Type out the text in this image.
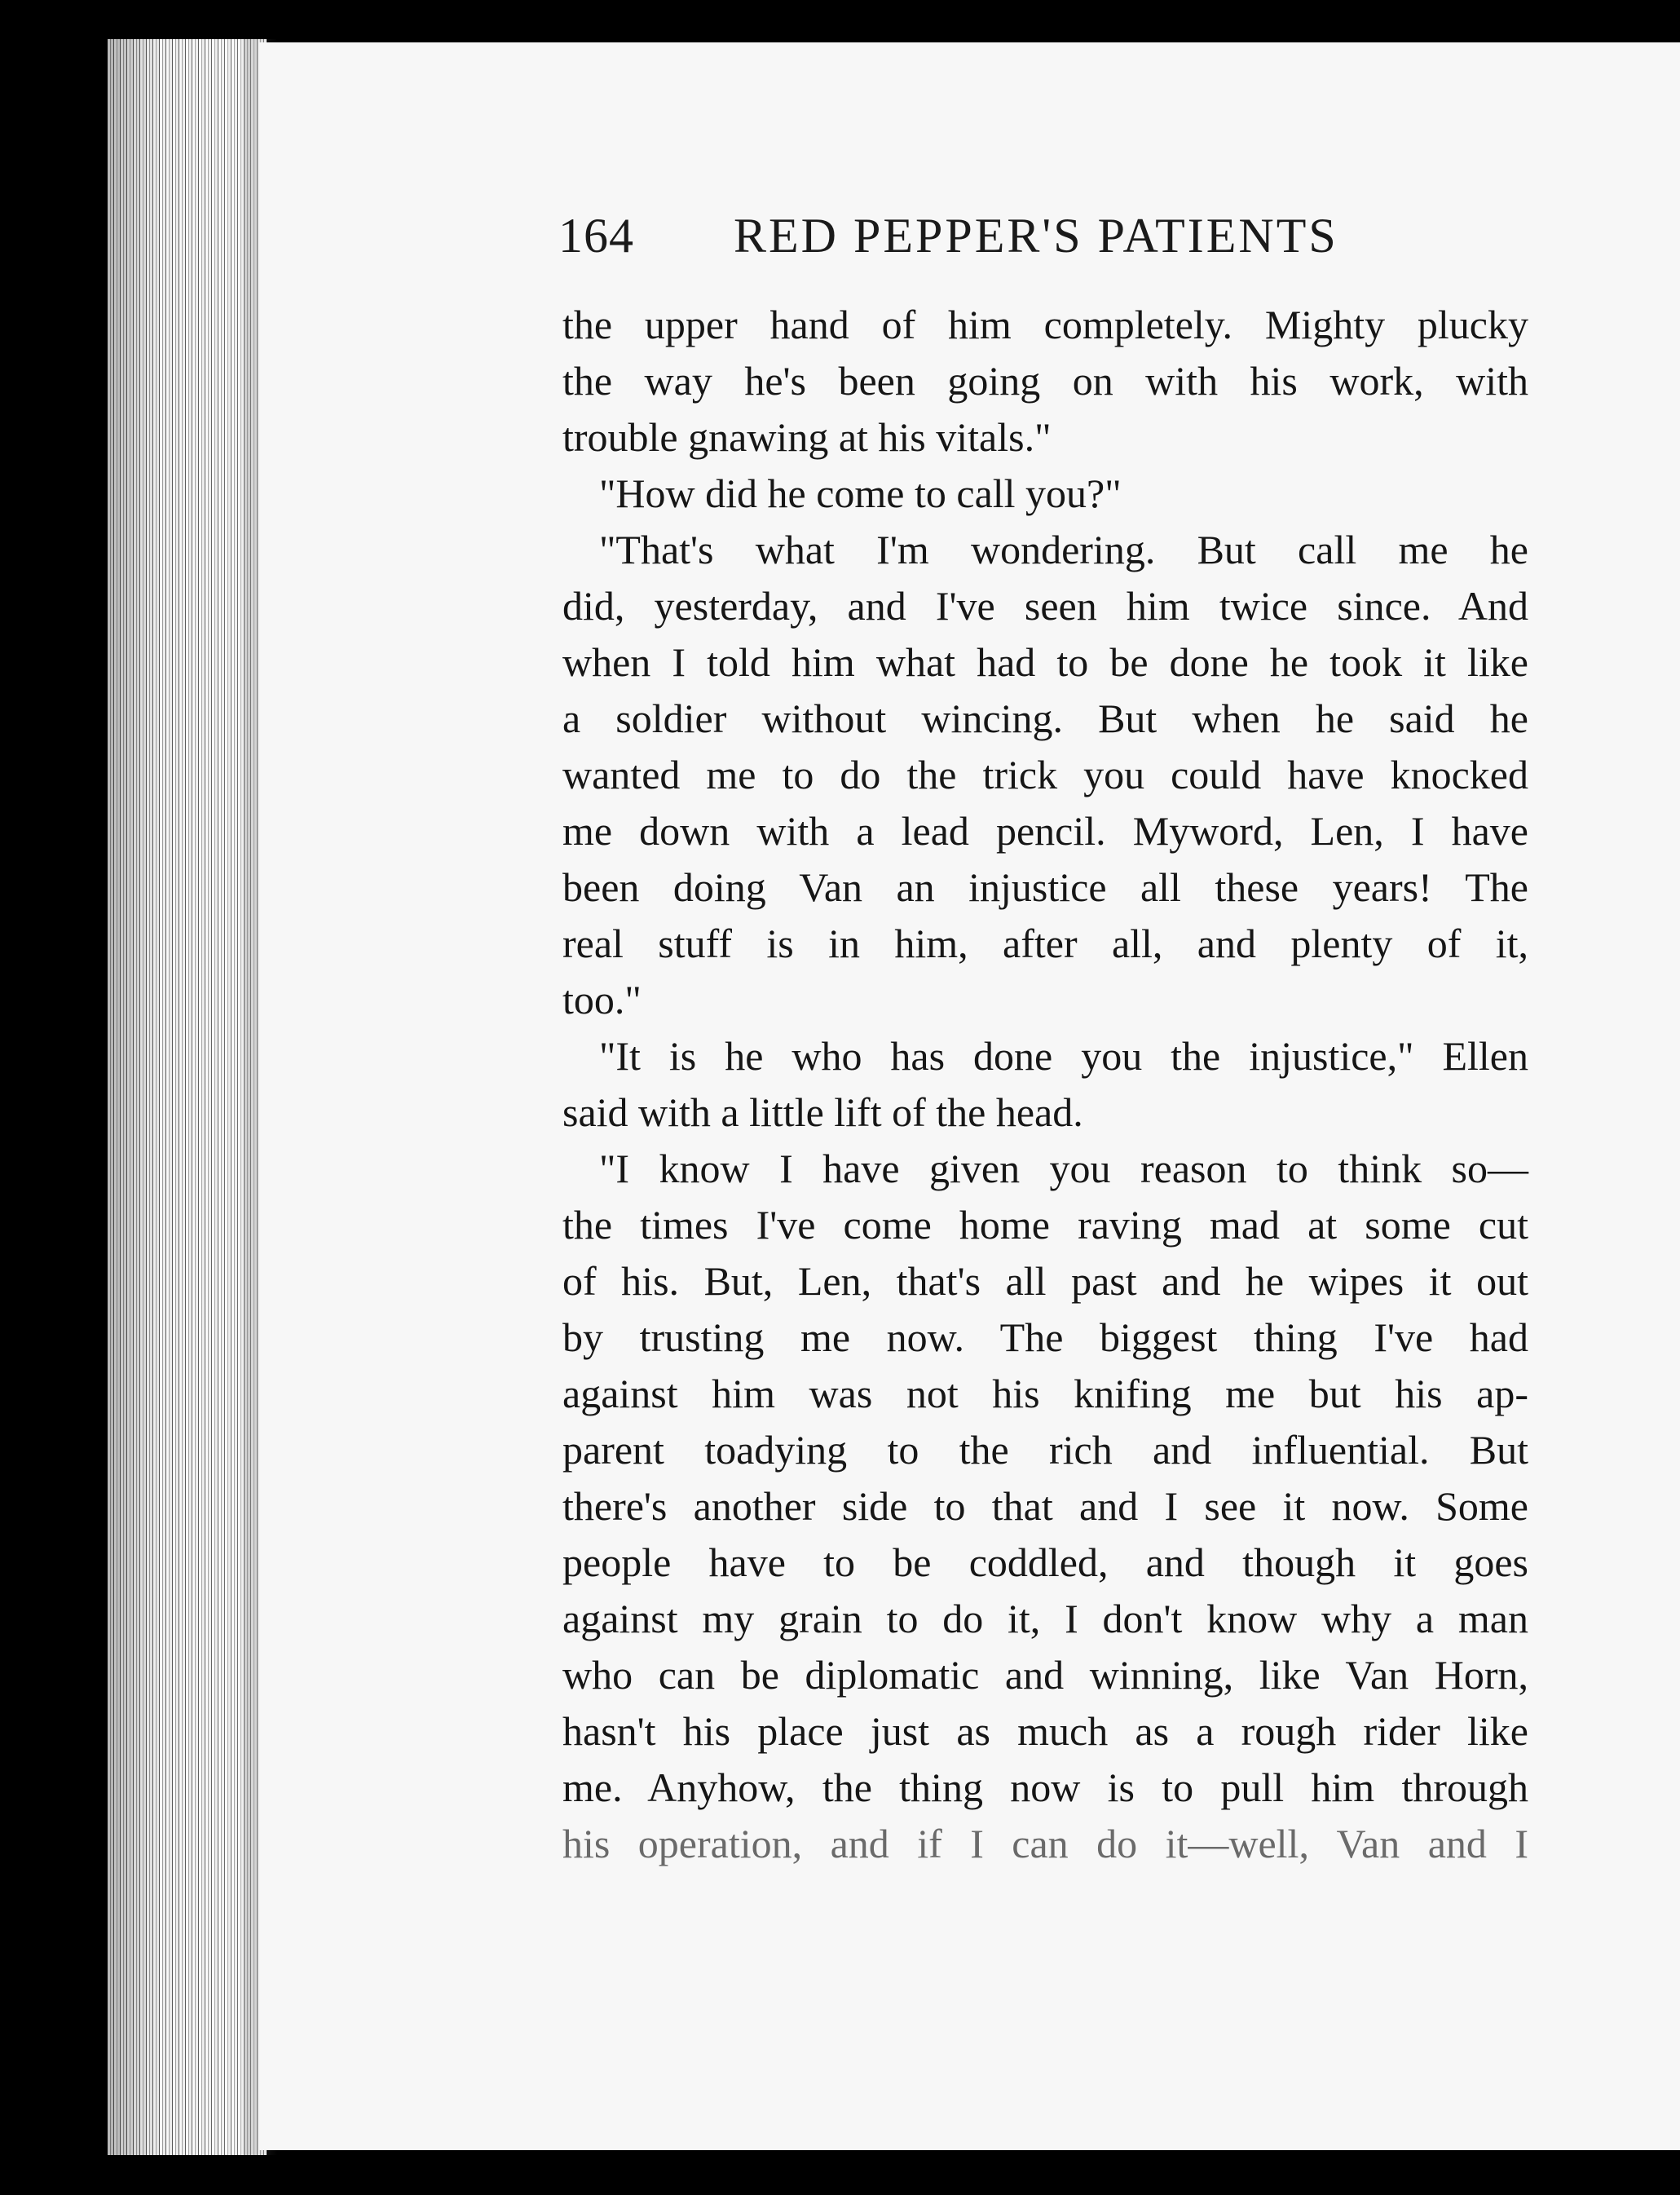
164 RED PEPPER'S PATIENTS
the upper hand of him completely. Mighty plucky
the way he's been going on with his work, with
trouble gnawing at his vitals."
"How did he come to call you?"
"That's what I'm wondering. But call me he
did, yesterday, and I've seen him twice since. And
when I told him what had to be done he took it like
a soldier without wincing. But when he said he
wanted me to do the trick you could have knocked
me down with a lead pencil. Myword, Len, I have
been doing Van an injustice all these years! The
real stuff is in him, after all, and plenty of it,
too."
"It is he who has done you the injustice," Ellen
said with a little lift of the head.
"I know I have given you reason to think so—
the times I've come home raving mad at some cut
of his. But, Len, that's all past and he wipes it out
by trusting me now. The biggest thing I've had
against him was not his knifing me but his ap-
parent toadying to the rich and influential. But
there's another side to that and I see it now. Some
people have to be coddled, and though it goes
against my grain to do it, I don't know why a man
who can be diplomatic and winning, like Van Horn,
hasn't his place just as much as a rough rider like
me. Anyhow, the thing now is to pull him through
his operation, and if I can do it—well, Van and I
